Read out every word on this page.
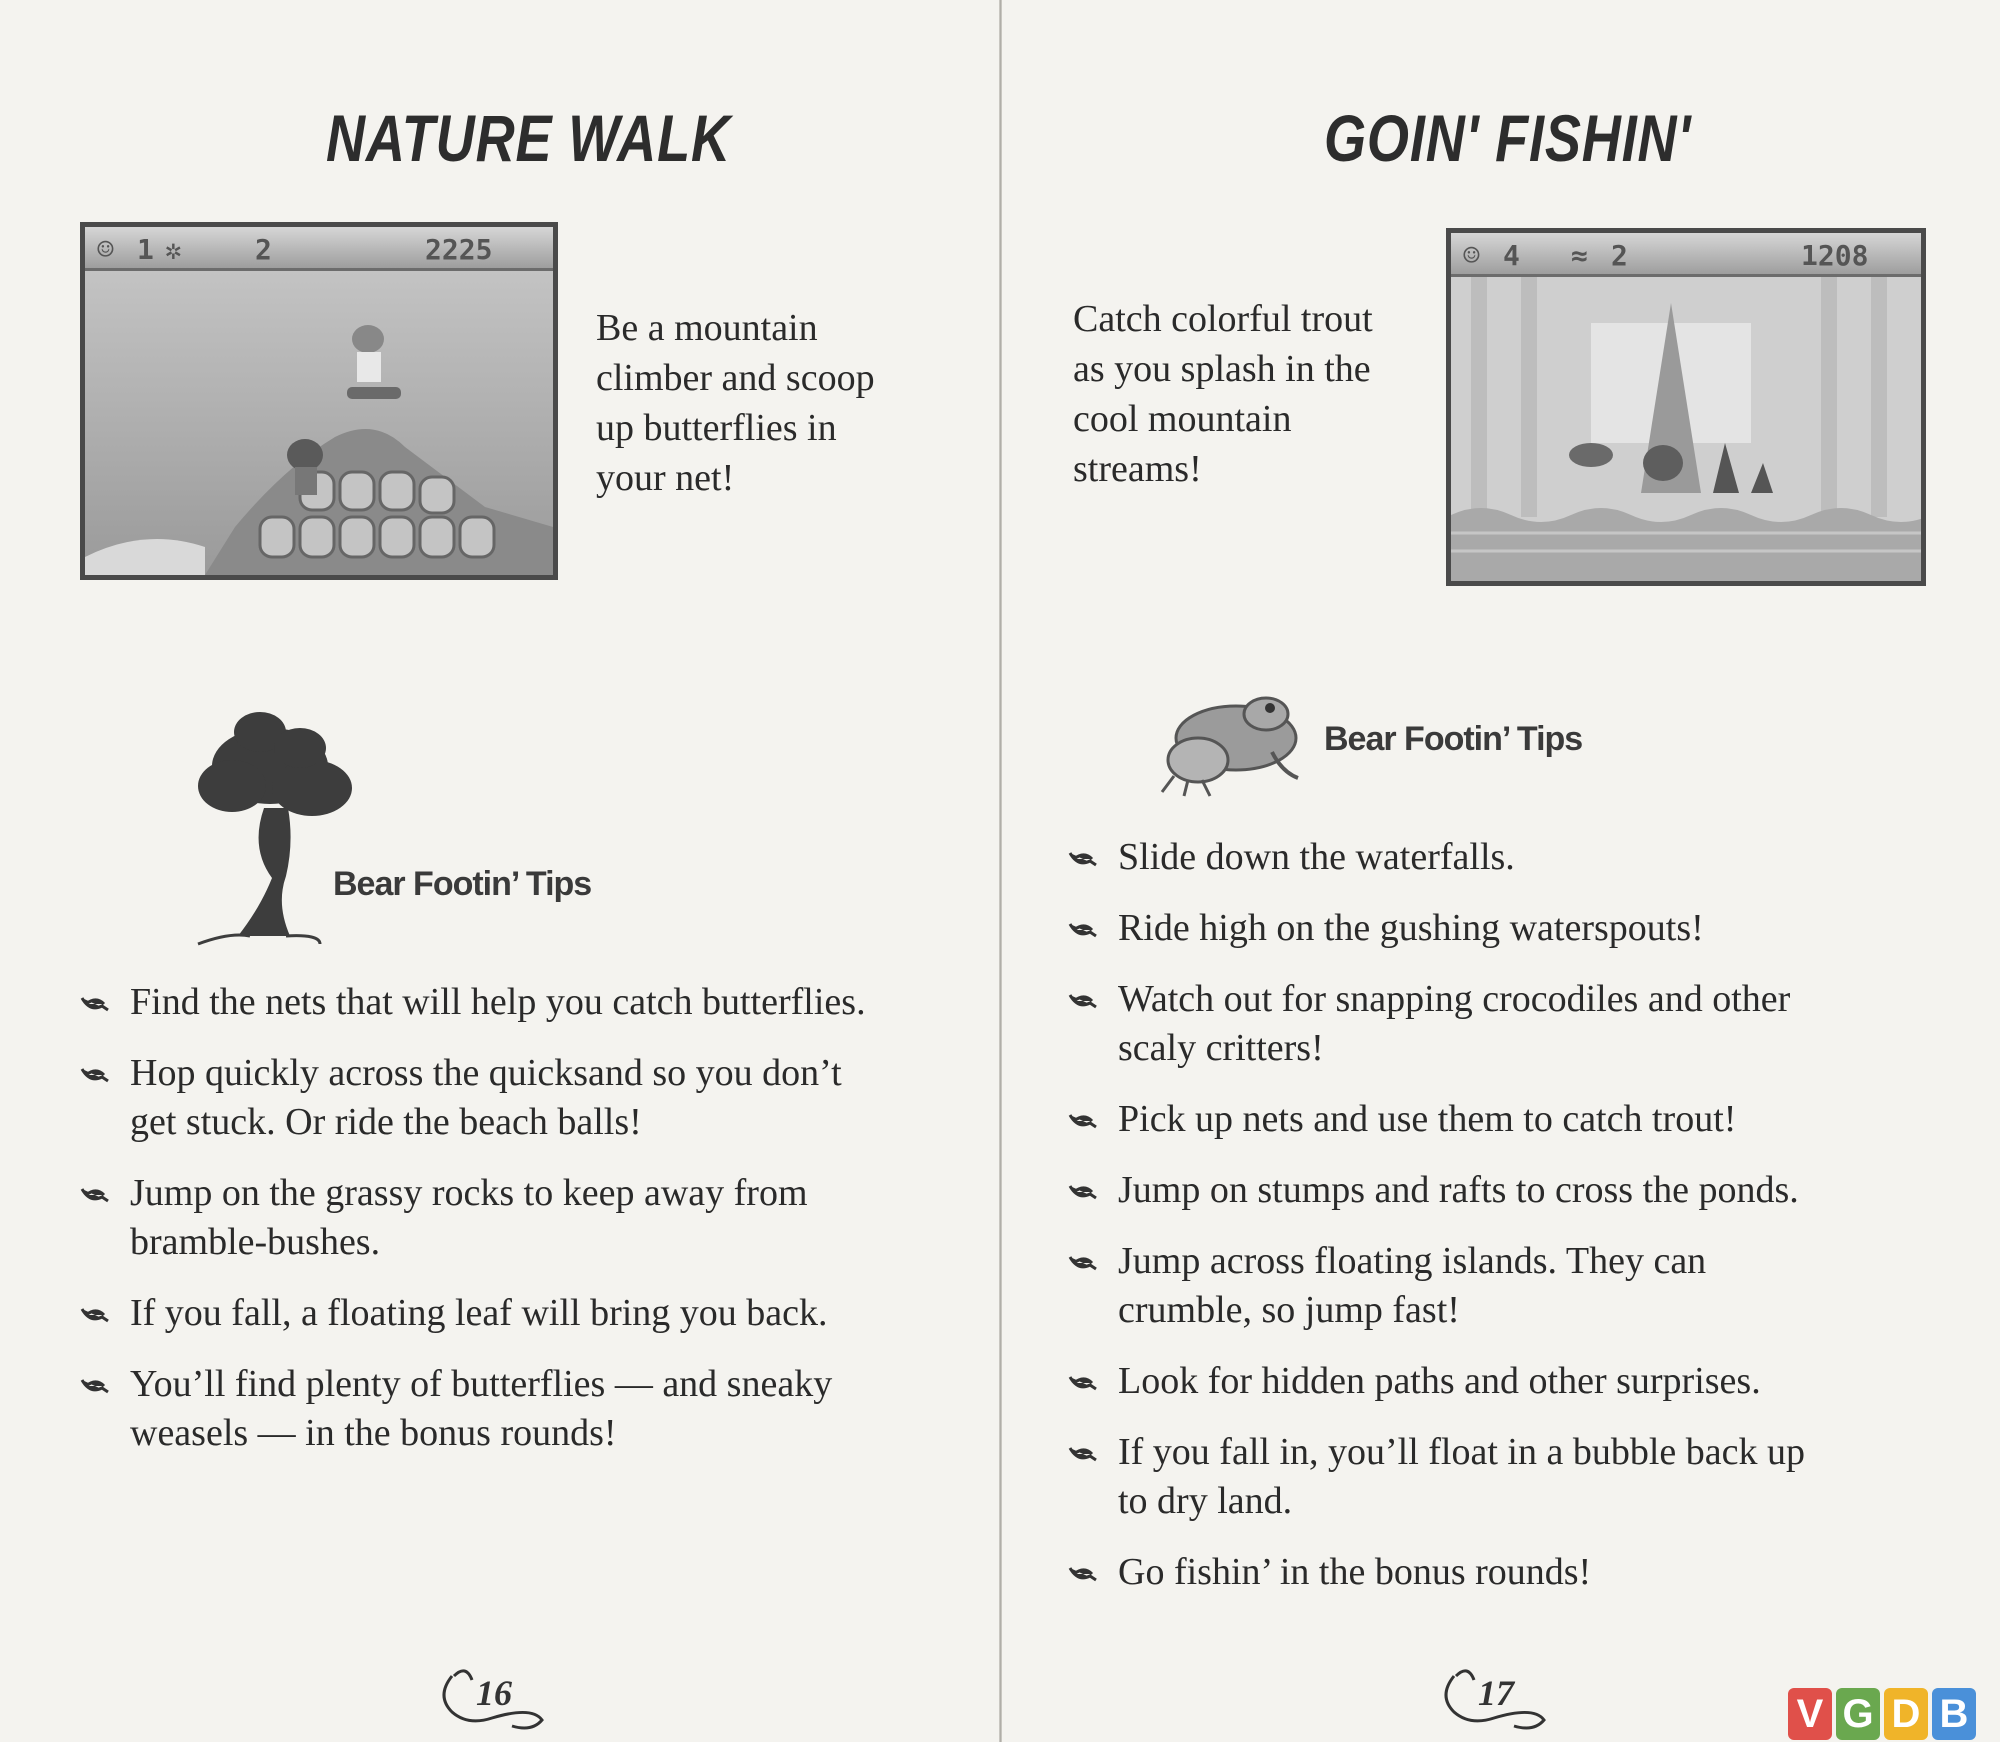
NATURE WALK
☺ 1 ✲	2	2225

Be a mountain

climber and scoop

up butterflies in

your net!

Bear Footin’ Tips
Find the nets that will help you catch butterflies.
Hop quickly across the quicksand so you don’t
get stuck. Or ride the beach balls!
Jump on the grassy rocks to keep away from
bramble-bushes.
If you fall, a floating leaf will bring you back.
You’ll find plenty of butterflies — and sneaky
weasels — in the bonus rounds!
16
GOIN' FISHIN'
☺ 4 ≈ 2	1208

Catch colorful trout

as you splash in the

cool mountain

streams!

Bear Footin’ Tips
Slide down the waterfalls.
Ride high on the gushing waterspouts!
Watch out for snapping crocodiles and other
scaly critters!
Pick up nets and use them to catch trout!
Jump on stumps and rafts to cross the ponds.
Jump across floating islands. They can
crumble, so jump fast!
Look for hidden paths and other surprises.
If you fall in, you’ll float in a bubble back up
to dry land.
Go fishin’ in the bonus rounds!
17	V G D B
